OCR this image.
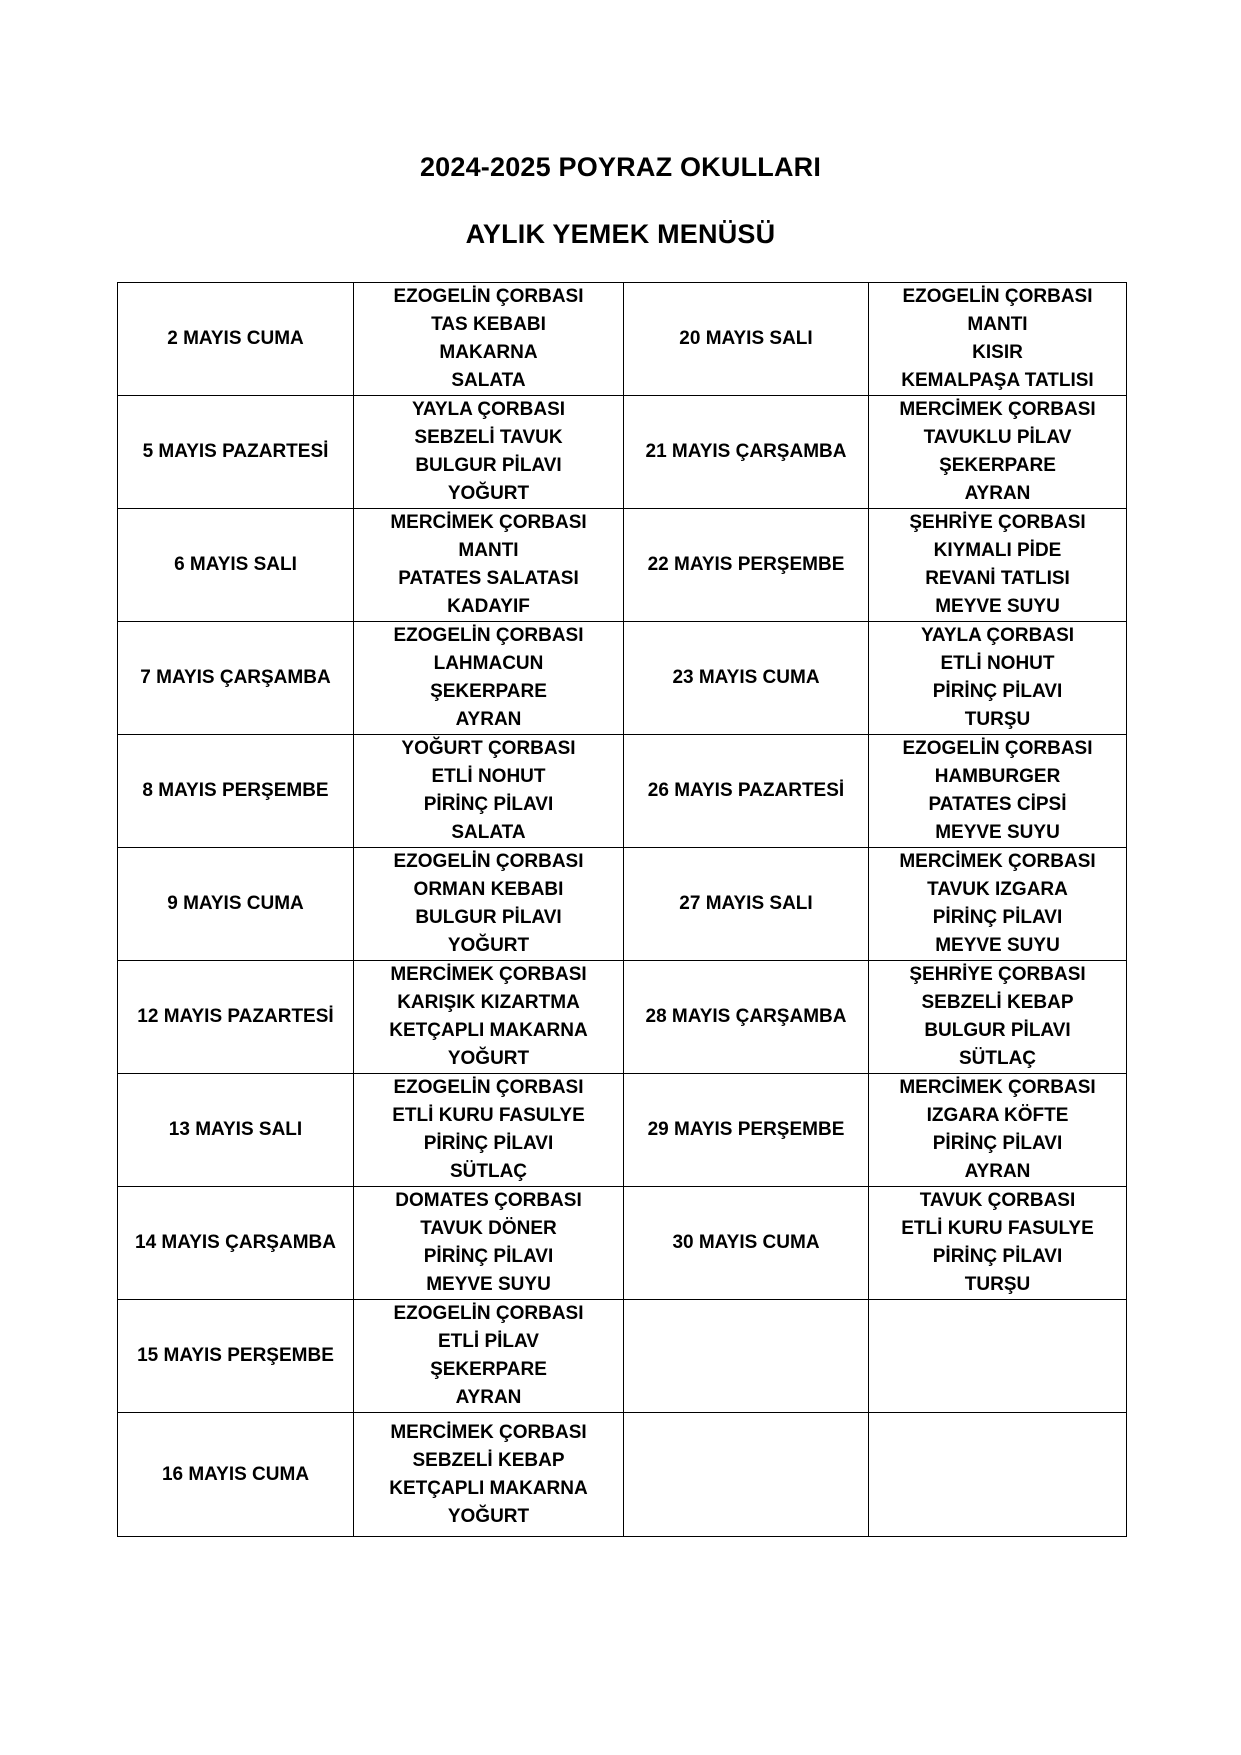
2024-2025 POYRAZ OKULLARI
AYLIK YEMEK MENÜSÜ
2 MAYIS CUMA	EZOGELİN ÇORBASI
TAS KEBABI
MAKARNA
SALATA	20 MAYIS SALI	EZOGELİN ÇORBASI
MANTI
KISIR
KEMALPAŞA TATLISI

5 MAYIS PAZARTESİ	YAYLA ÇORBASI
SEBZELİ TAVUK
BULGUR PİLAVI
YOĞURT	21 MAYIS ÇARŞAMBA	MERCİMEK ÇORBASI
TAVUKLU PİLAV
ŞEKERPARE
AYRAN

6 MAYIS SALI	MERCİMEK ÇORBASI
MANTI
PATATES SALATASI
KADAYIF	22 MAYIS PERŞEMBE	ŞEHRİYE ÇORBASI
KIYMALI PİDE
REVANİ TATLISI
MEYVE SUYU

7 MAYIS ÇARŞAMBA	EZOGELİN ÇORBASI
LAHMACUN
ŞEKERPARE
AYRAN	23 MAYIS CUMA	YAYLA ÇORBASI
ETLİ NOHUT
PİRİNÇ PİLAVI
TURŞU

8 MAYIS PERŞEMBE	YOĞURT ÇORBASI
ETLİ NOHUT
PİRİNÇ PİLAVI
SALATA	26 MAYIS PAZARTESİ	EZOGELİN ÇORBASI
HAMBURGER
PATATES CİPSİ
MEYVE SUYU

9 MAYIS CUMA	EZOGELİN ÇORBASI
ORMAN KEBABI
BULGUR PİLAVI
YOĞURT	27 MAYIS SALI	MERCİMEK ÇORBASI
TAVUK IZGARA
PİRİNÇ PİLAVI
MEYVE SUYU

12 MAYIS PAZARTESİ	MERCİMEK ÇORBASI
KARIŞIK KIZARTMA
KETÇAPLI MAKARNA
YOĞURT	28 MAYIS ÇARŞAMBA	ŞEHRİYE ÇORBASI
SEBZELİ KEBAP
BULGUR PİLAVI
SÜTLAÇ

13 MAYIS SALI	EZOGELİN ÇORBASI
ETLİ KURU FASULYE
PİRİNÇ PİLAVI
SÜTLAÇ	29 MAYIS PERŞEMBE	MERCİMEK ÇORBASI
IZGARA KÖFTE
PİRİNÇ PİLAVI
AYRAN

14 MAYIS ÇARŞAMBA	DOMATES ÇORBASI
TAVUK DÖNER
PİRİNÇ PİLAVI
MEYVE SUYU	30 MAYIS CUMA	TAVUK ÇORBASI
ETLİ KURU FASULYE
PİRİNÇ PİLAVI
TURŞU

15 MAYIS PERŞEMBE	EZOGELİN ÇORBASI
ETLİ PİLAV
ŞEKERPARE
AYRAN		

16 MAYIS CUMA	MERCİMEK ÇORBASI
SEBZELİ KEBAP
KETÇAPLI MAKARNA
YOĞURT		
